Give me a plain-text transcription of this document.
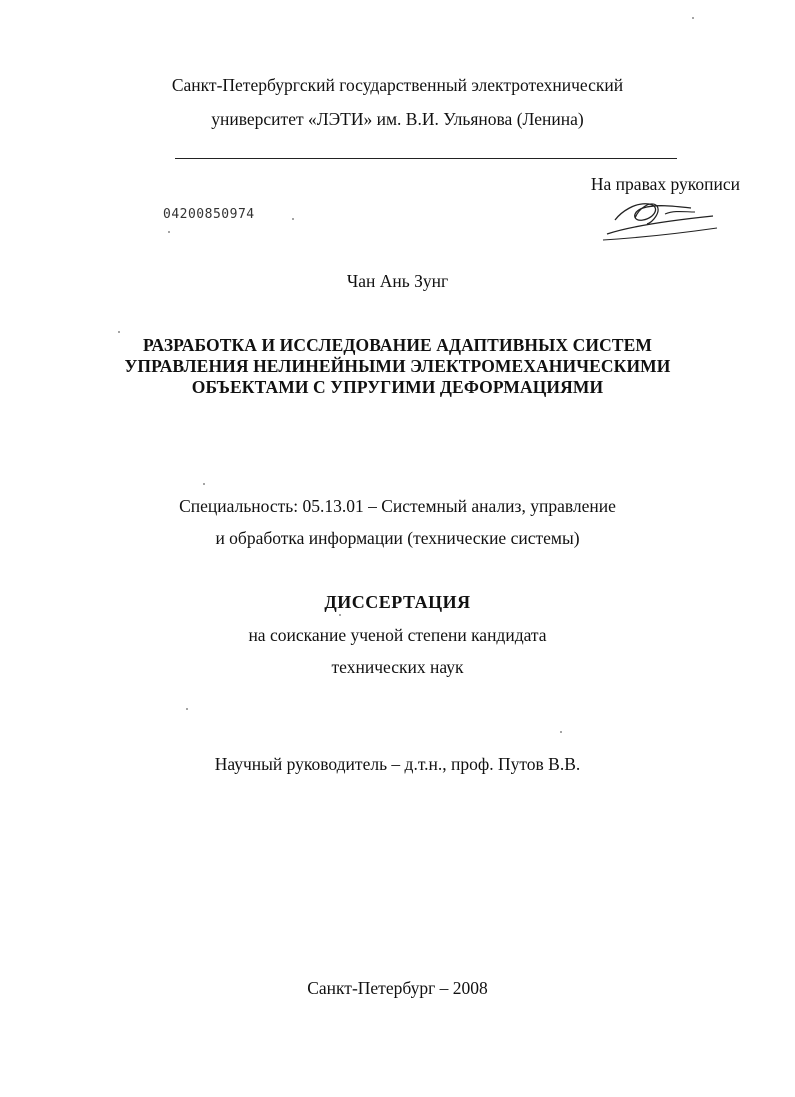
Санкт-Петербургский государственный электротехнический
университет «ЛЭТИ» им. В.И. Ульянова (Ленина)
На правах рукописи
04200850974
Чан Ань Зунг
РАЗРАБОТКА И ИССЛЕДОВАНИЕ АДАПТИВНЫХ СИСТЕМ
УПРАВЛЕНИЯ НЕЛИНЕЙНЫМИ ЭЛЕКТРОМЕХАНИЧЕСКИМИ
ОБЪЕКТАМИ С УПРУГИМИ ДЕФОРМАЦИЯМИ
Специальность: 05.13.01 – Системный анализ, управление
и обработка информации (технические системы)
ДИССЕРТАЦИЯ
на соискание ученой степени кандидата
технических наук
Научный руководитель – д.т.н., проф. Путов В.В.
Санкт-Петербург – 2008
